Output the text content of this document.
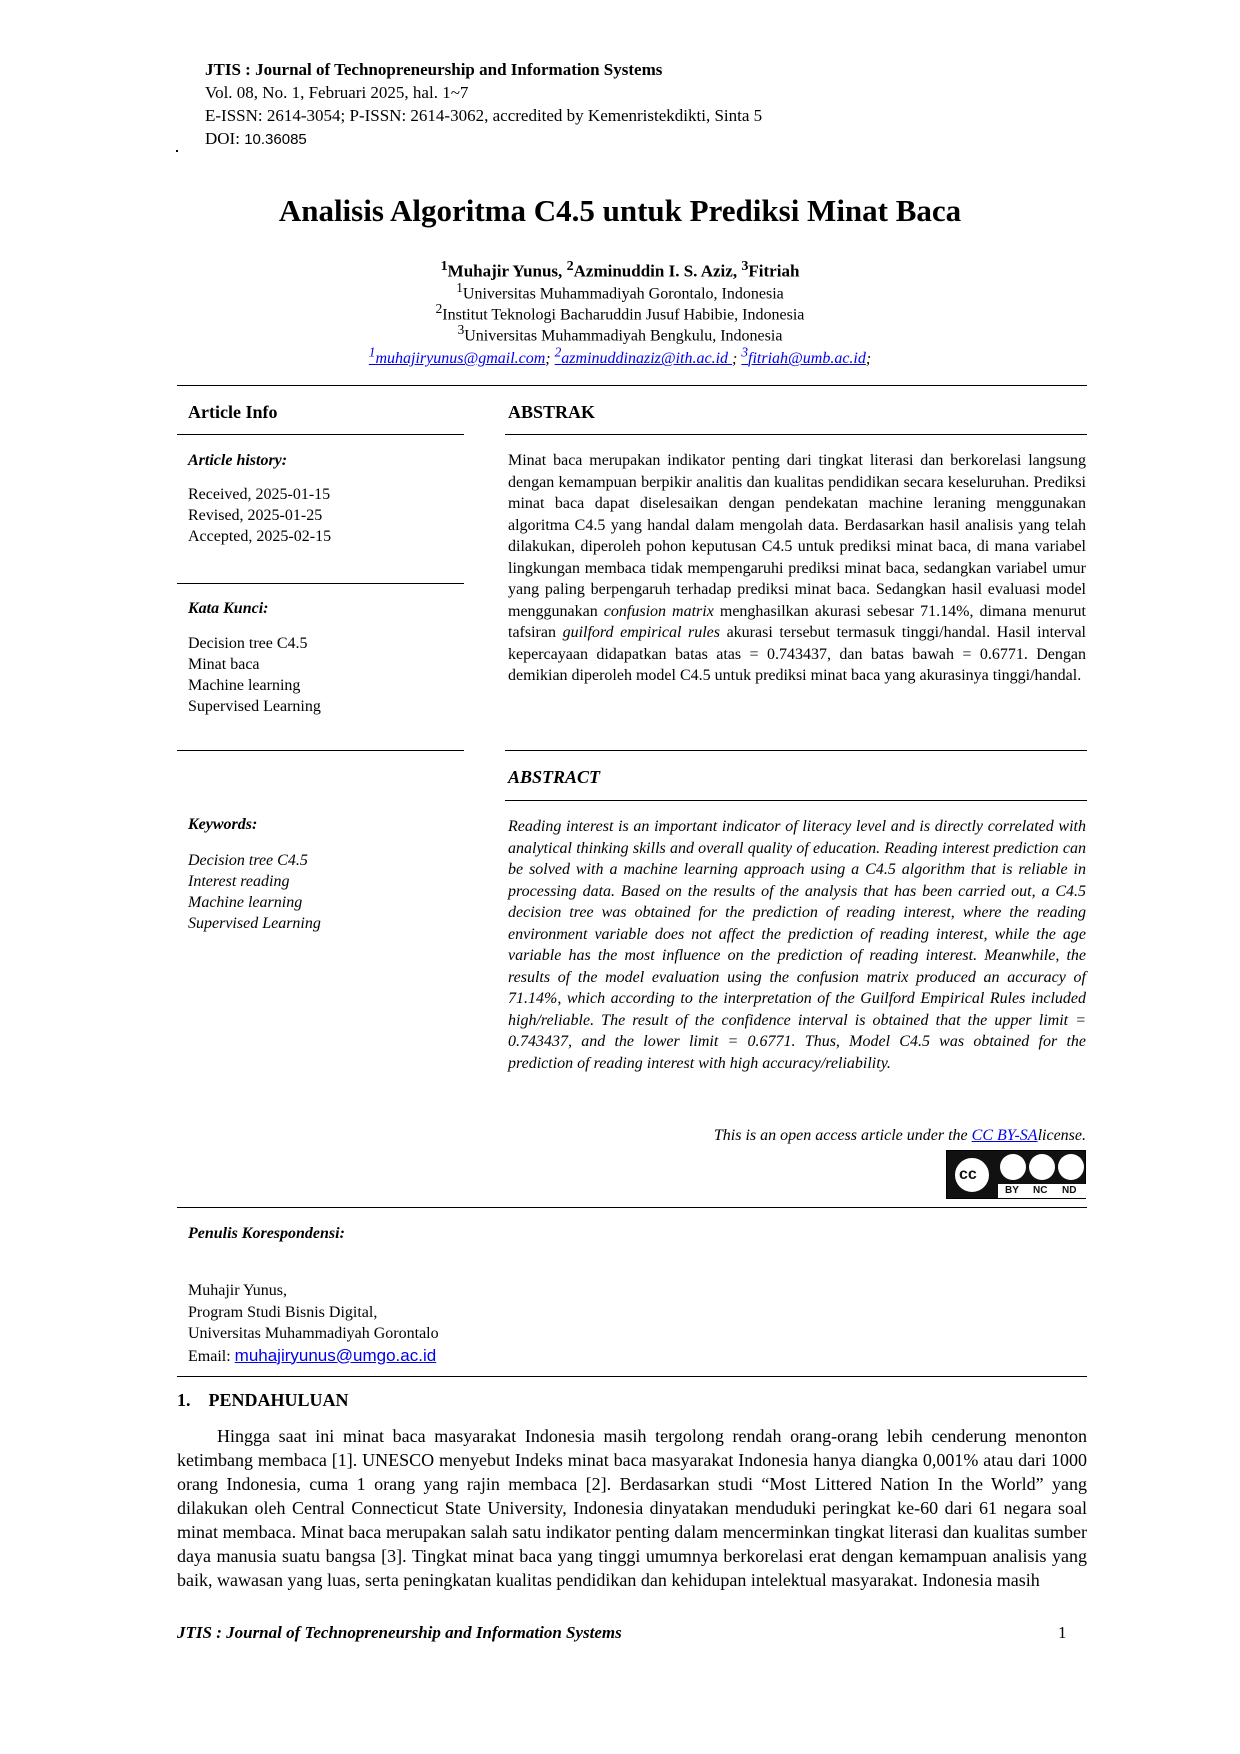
JTIS : Journal of Technopreneurship and Information Systems
Vol. 08, No. 1, Februari 2025, hal. 1~7
E-ISSN: 2614-3054; P-ISSN: 2614-3062, accredited by Kemenristekdikti, Sinta 5
DOI: 10.36085
Analisis Algoritma C4.5 untuk Prediksi Minat Baca
$^1$Muhajir Yunus, $^2$Azminuddin I. S. Aziz, $^3$Fitriah
$^1$Universitas Muhammadiyah Gorontalo, Indonesia
$^2$Institut Teknologi Bacharuddin Jusuf Habibie, Indonesia
$^3$Universitas Muhammadiyah Bengkulu, Indonesia
$^1$muhajiryunus@gmail.com; $^2$azminuddinaziz@ith.ac.id ; $^3$fitriah@umb.ac.id;
Article Info
Article history:
Received, 2025-01-15
Revised, 2025-01-25
Accepted, 2025-02-15
Kata Kunci:
Decision tree C4.5
Minat baca
Machine learning
Supervised Learning
Keywords:
Decision tree C4.5
Interest reading
Machine learning
Supervised Learning
ABSTRAK
Minat baca merupakan indikator penting dari tingkat literasi dan berkorelasi langsung dengan kemampuan berpikir analitis dan kualitas pendidikan secara keseluruhan. Prediksi minat baca dapat diselesaikan dengan pendekatan machine leraning menggunakan algoritma C4.5 yang handal dalam mengolah data. Berdasarkan hasil analisis yang telah dilakukan, diperoleh pohon keputusan C4.5 untuk prediksi minat baca, di mana variabel lingkungan membaca tidak mempengaruhi prediksi minat baca, sedangkan variabel umur yang paling berpengaruh terhadap prediksi minat baca. Sedangkan hasil evaluasi model menggunakan confusion matrix menghasilkan akurasi sebesar 71.14%, dimana menurut tafsiran guilford empirical rules akurasi tersebut termasuk tinggi/handal. Hasil interval kepercayaan didapatkan batas atas = 0.743437, dan batas bawah = 0.6771. Dengan demikian diperoleh model C4.5 untuk prediksi minat baca yang akurasinya tinggi/handal.
ABSTRACT
Reading interest is an important indicator of literacy level and is directly correlated with analytical thinking skills and overall quality of education. Reading interest prediction can be solved with a machine learning approach using a C4.5 algorithm that is reliable in processing data. Based on the results of the analysis that has been carried out, a C4.5 decision tree was obtained for the prediction of reading interest, where the reading environment variable does not affect the prediction of reading interest, while the age variable has the most influence on the prediction of reading interest. Meanwhile, the results of the model evaluation using the confusion matrix produced an accuracy of 71.14%, which according to the interpretation of the Guilford Empirical Rules included high/reliable. The result of the confidence interval is obtained that the upper limit = 0.743437, and the lower limit = 0.6771. Thus, Model C4.5 was obtained for the prediction of reading interest with high accuracy/reliability.
This is an open access article under the CC BY-SAlicense.
cc
BY NC ND
Penulis Korespondensi:
Muhajir Yunus,
Program Studi Bisnis Digital,
Universitas Muhammadiyah Gorontalo
Email: muhajiryunus@umgo.ac.id
1.    PENDAHULUAN
Hingga saat ini minat baca masyarakat Indonesia masih tergolong rendah orang-orang lebih cenderung menonton ketimbang membaca [1]. UNESCO menyebut Indeks minat baca masyarakat Indonesia hanya diangka 0,001% atau dari 1000 orang Indonesia, cuma 1 orang yang rajin membaca [2]. Berdasarkan studi “Most Littered Nation In the World” yang dilakukan oleh Central Connecticut State University, Indonesia dinyatakan menduduki peringkat ke-60 dari 61 negara soal minat membaca. Minat baca merupakan salah satu indikator penting dalam mencerminkan tingkat literasi dan kualitas sumber daya manusia suatu bangsa [3]. Tingkat minat baca yang tinggi umumnya berkorelasi erat dengan kemampuan analisis yang baik, wawasan yang luas, serta peningkatan kualitas pendidikan dan kehidupan intelektual masyarakat. Indonesia masih
JTIS : Journal of Technopreneurship and Information Systems	1
